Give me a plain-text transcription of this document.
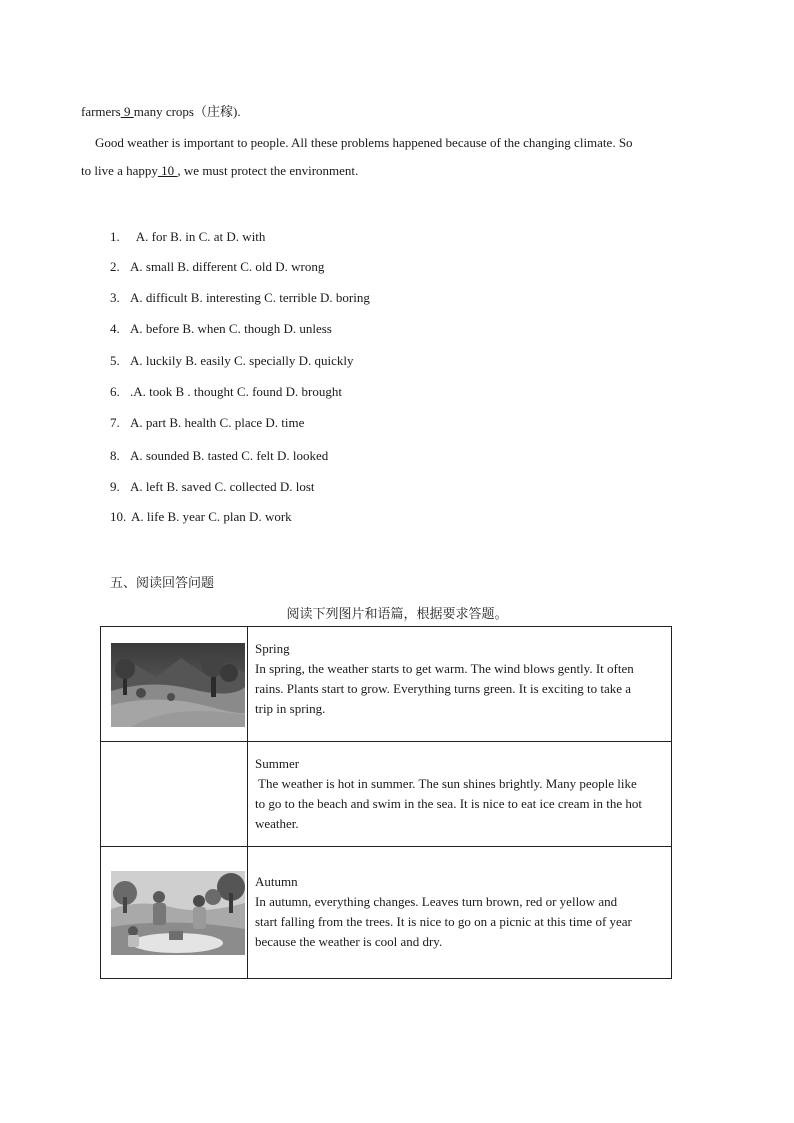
farmers 9 many crops（庄稼).
Good weather is important to people. All these problems happened because of the changing climate. So
to live a happy 10 , we must protect the environment.
1.  A. for B. in C. at D. with
2. A. small B. different C. old D. wrong
3. A. difficult B. interesting C. terrible D. boring
4. A. before B. when C. though D. unless
5. A. luckily B. easily C. specially D. quickly
6. .A. took B . thought C. found D. brought
7. A. part B. health C. place D. time
8. A. sounded B. tasted C. felt D. looked
9. A. left B. saved C. collected D. lost
10. A. life B. year C. plan D. work
五、阅读回答问题
阅读下列图片和语篇，根据要求答题。

Spring
In spring, the weather starts to get warm. The wind blows gently. It often
rains. Plants start to grow. Everything turns green. It is exciting to take a
trip in spring.

	Summer
The weather is hot in summer. The sun shines brightly. Many people like
to go to the beach and swim in the sea. It is nice to eat ice cream in the hot
weather.

Autumn
In autumn, everything changes. Leaves turn brown, red or yellow and
start falling from the trees. It is nice to go on a picnic at this time of year
because the weather is cool and dry.
